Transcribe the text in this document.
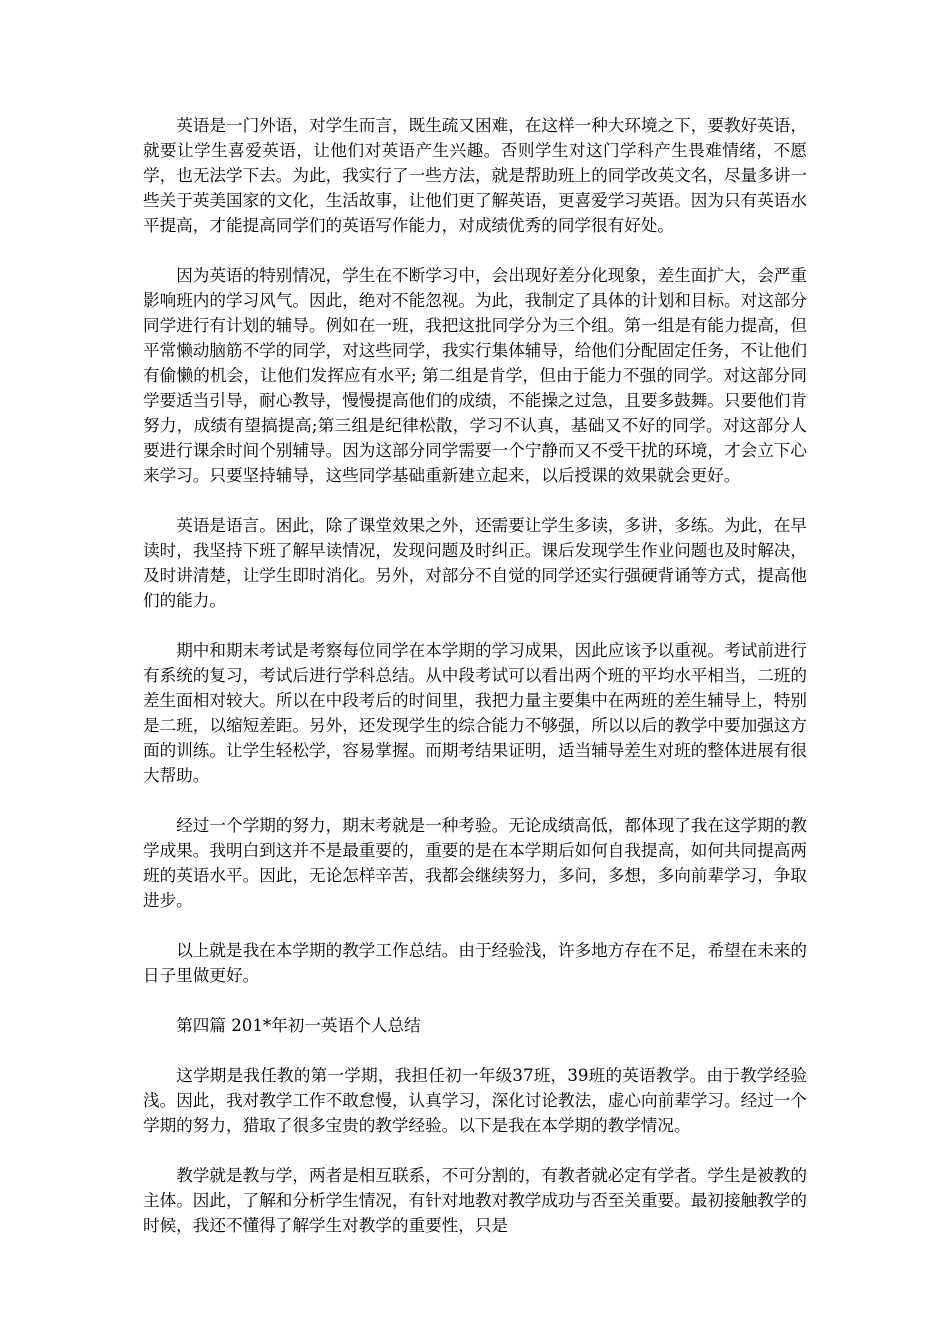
英语是一门外语，对学生而言，既生疏又困难，在这样一种大环境之下，要教好英语，就要让学生喜爱英语，让他们对英语产生兴趣。否则学生对这门学科产生畏难情绪，不愿学，也无法学下去。为此，我实行了一些方法，就是帮助班上的同学改英文名，尽量多讲一些关于英美国家的文化，生活故事，让他们更了解英语，更喜爱学习英语。因为只有英语水平提高，才能提高同学们的英语写作能力，对成绩优秀的同学很有好处。

因为英语的特别情况，学生在不断学习中，会出现好差分化现象，差生面扩大，会严重影响班内的学习风气。因此，绝对不能忽视。为此，我制定了具体的计划和目标。对这部分同学进行有计划的辅导。例如在一班，我把这批同学分为三个组。第一组是有能力提高，但平常懒动脑筋不学的同学，对这些同学，我实行集体辅导，给他们分配固定任务，不让他们有偷懒的机会，让他们发挥应有水平; 第二组是肯学，但由于能力不强的同学。对这部分同学要适当引导，耐心教导，慢慢提高他们的成绩，不能操之过急，且要多鼓舞。只要他们肯努力，成绩有望搞提高;第三组是纪律松散，学习不认真，基础又不好的同学。对这部分人要进行课余时间个别辅导。因为这部分同学需要一个宁静而又不受干扰的环境，才会立下心来学习。只要坚持辅导，这些同学基础重新建立起来，以后授课的效果就会更好。

英语是语言。困此，除了课堂效果之外，还需要让学生多读，多讲，多练。为此，在早读时，我坚持下班了解早读情况，发现问题及时纠正。课后发现学生作业问题也及时解决，及时讲清楚，让学生即时消化。另外，对部分不自觉的同学还实行强硬背诵等方式，提高他们的能力。

期中和期末考试是考察每位同学在本学期的学习成果，因此应该予以重视。考试前进行有系统的复习，考试后进行学科总结。从中段考试可以看出两个班的平均水平相当，二班的差生面相对较大。所以在中段考后的时间里，我把力量主要集中在两班的差生辅导上，特别是二班，以缩短差距。另外，还发现学生的综合能力不够强，所以以后的教学中要加强这方面的训练。让学生轻松学，容易掌握。而期考结果证明，适当辅导差生对班的整体进展有很大帮助。

经过一个学期的努力，期末考就是一种考验。无论成绩高低，都体现了我在这学期的教学成果。我明白到这并不是最重要的，重要的是在本学期后如何自我提高，如何共同提高两班的英语水平。因此，无论怎样辛苦，我都会继续努力，多问，多想，多向前辈学习，争取进步。

以上就是我在本学期的教学工作总结。由于经验浅，许多地方存在不足，希望在未来的日子里做更好。

第四篇 201*年初一英语个人总结

这学期是我任教的第一学期，我担任初一年级37班，39班的英语教学。由于教学经验浅。因此，我对教学工作不敢怠慢，认真学习，深化讨论教法，虚心向前辈学习。经过一个学期的努力，猎取了很多宝贵的教学经验。以下是我在本学期的教学情况。

教学就是教与学，两者是相互联系，不可分割的，有教者就必定有学者。学生是被教的主体。因此，了解和分析学生情况，有针对地教对教学成功与否至关重要。最初接触教学的时候，我还不懂得了解学生对教学的重要性，只是
